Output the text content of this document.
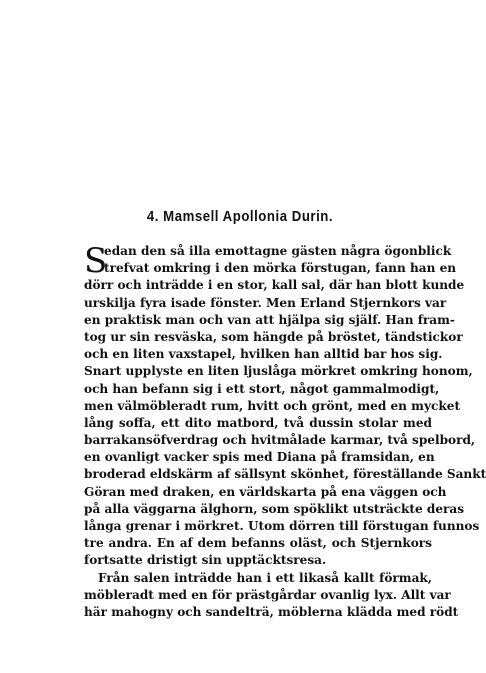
4. Mamsell Apollonia Durin.
S
edan den så illa emottagne gästen några ögonblick
trefvat omkring i den mörka förstugan, fann han en
dörr och inträdde i en stor, kall sal, där han blott kunde
urskilja fyra isade fönster. Men Erland Stjernkors var
en praktisk man och van att hjälpa sig själf. Han fram-
tog ur sin resväska, som hängde på bröstet, tändstickor
och en liten vaxstapel, hvilken han alltid bar hos sig.
Snart upplyste en liten ljuslåga mörkret omkring honom,
och han befann sig i ett stort, något gammalmodigt,
men välmöbleradt rum, hvitt och grönt, med en mycket
lång soffa, ett dito matbord, två dussin stolar med
barrakansöfverdrag och hvitmålade karmar, två spelbord,
en ovanligt vacker spis med Diana på framsidan, en
broderad eldskärm af sällsynt skönhet, föreställande Sankt
Göran med draken, en världskarta på ena väggen och
på alla väggarna älghorn, som spöklikt utsträckte deras
långa grenar i mörkret. Utom dörren till förstugan funnos
tre andra. En af dem befanns oläst, och Stjernkors
fortsatte dristigt sin upptäcktsresa.
Från salen inträdde han i ett likaså kallt förmak,
möbleradt med en för prästgårdar ovanlig lyx. Allt var
här mahogny och sandelträ, möblerna klädda med rödt
